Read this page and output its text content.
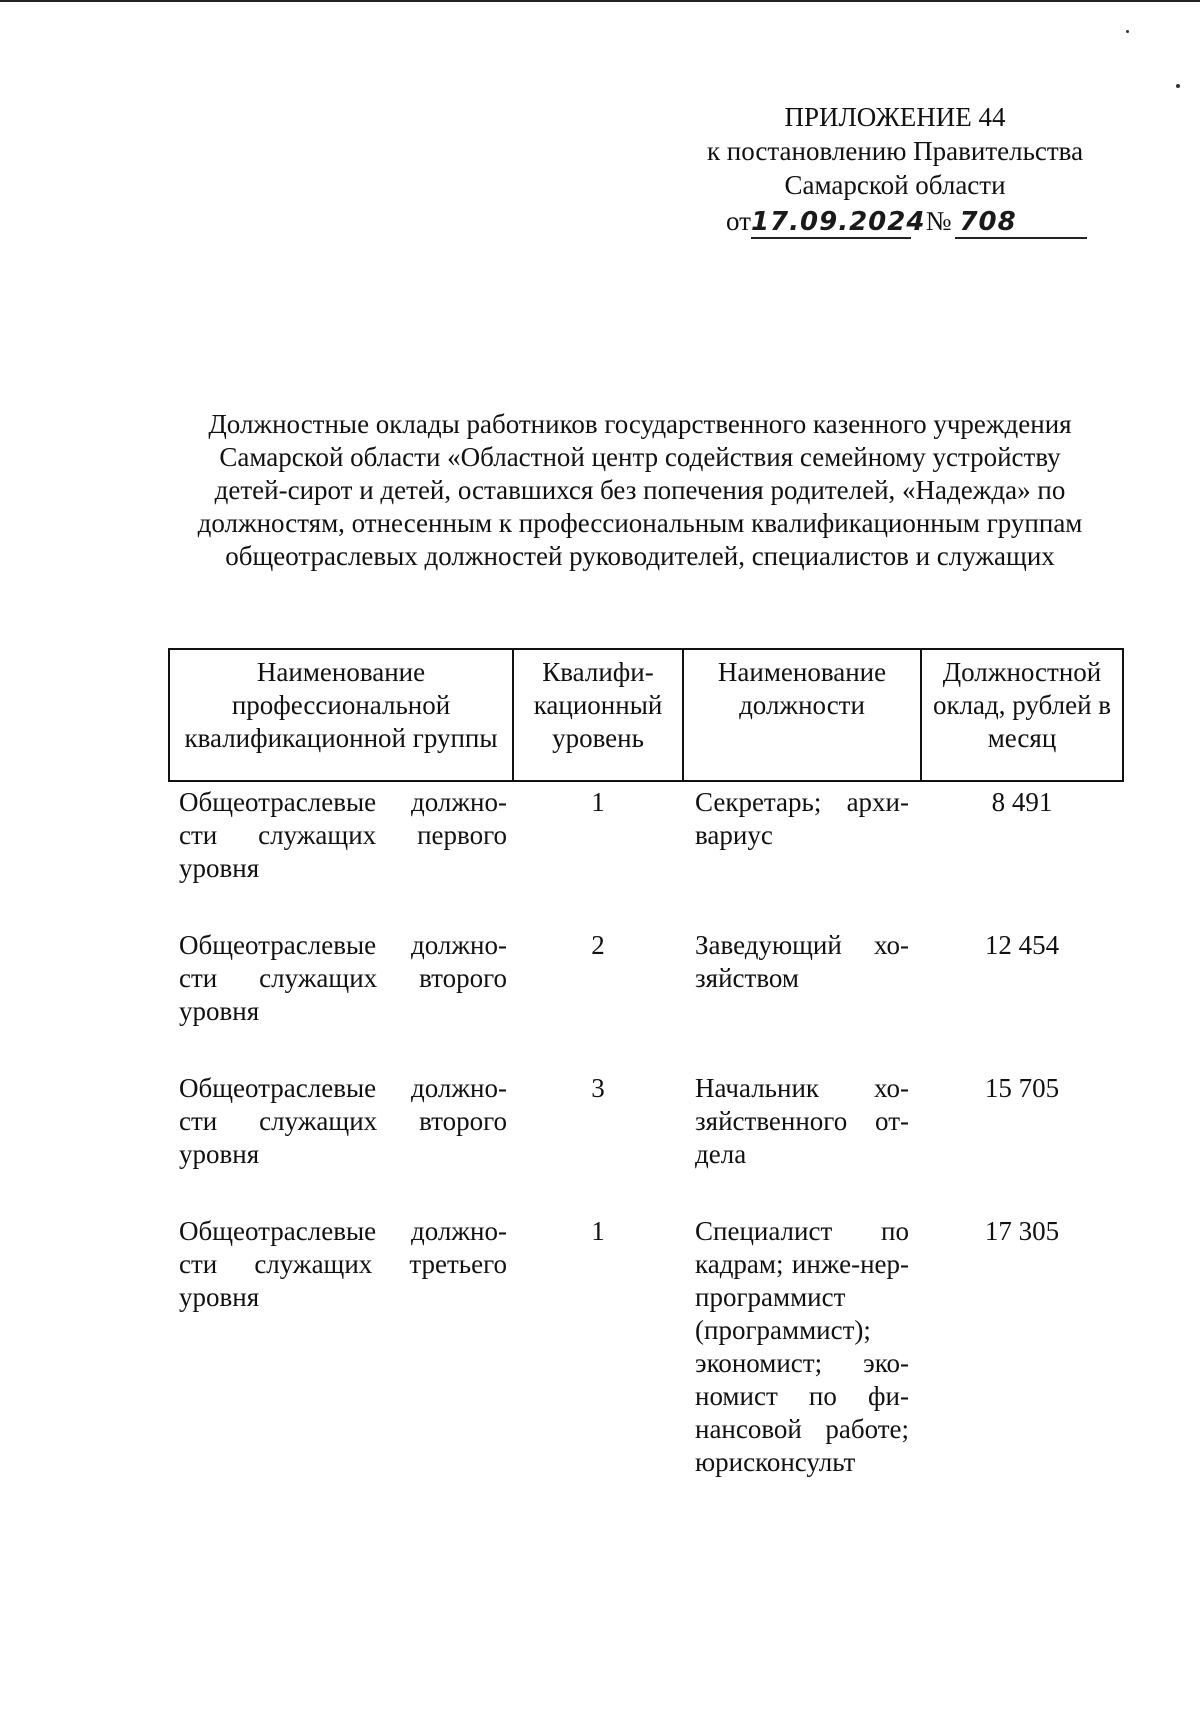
ПРИЛОЖЕНИЕ 44
к постановлению Правительства
Самарской области
от17.09.2024 № 708
Должностные оклады работников государственного казенного учреждения
Самарской области «Областной центр содействия семейному устройству
детей-сирот и детей, оставшихся без попечения родителей, «Надежда» по
должностям, отнесенным к профессиональным квалификационным группам
общеотраслевых должностей руководителей, специалистов и служащих
Наименование профессиональной квалификационной группы	Квалифи-кационный уровень	Наименование должности	Должностной оклад, рублей в месяц
Общеотраслевые должно-сти служащих первого уровня	1	Секретарь; архи-вариус	8 491
Общеотраслевые должно-сти служащих второго уровня	2	Заведующий хо-зяйством	12 454
Общеотраслевые должно-сти служащих второго уровня	3	Начальник хо-зяйственного от-дела	15 705
Общеотраслевые должно-сти служащих третьего уровня	1	Специалист по кадрам; инже-нер-программист (программист); экономист; эко-номист по фи-нансовой работе; юрисконсульт	17 305
